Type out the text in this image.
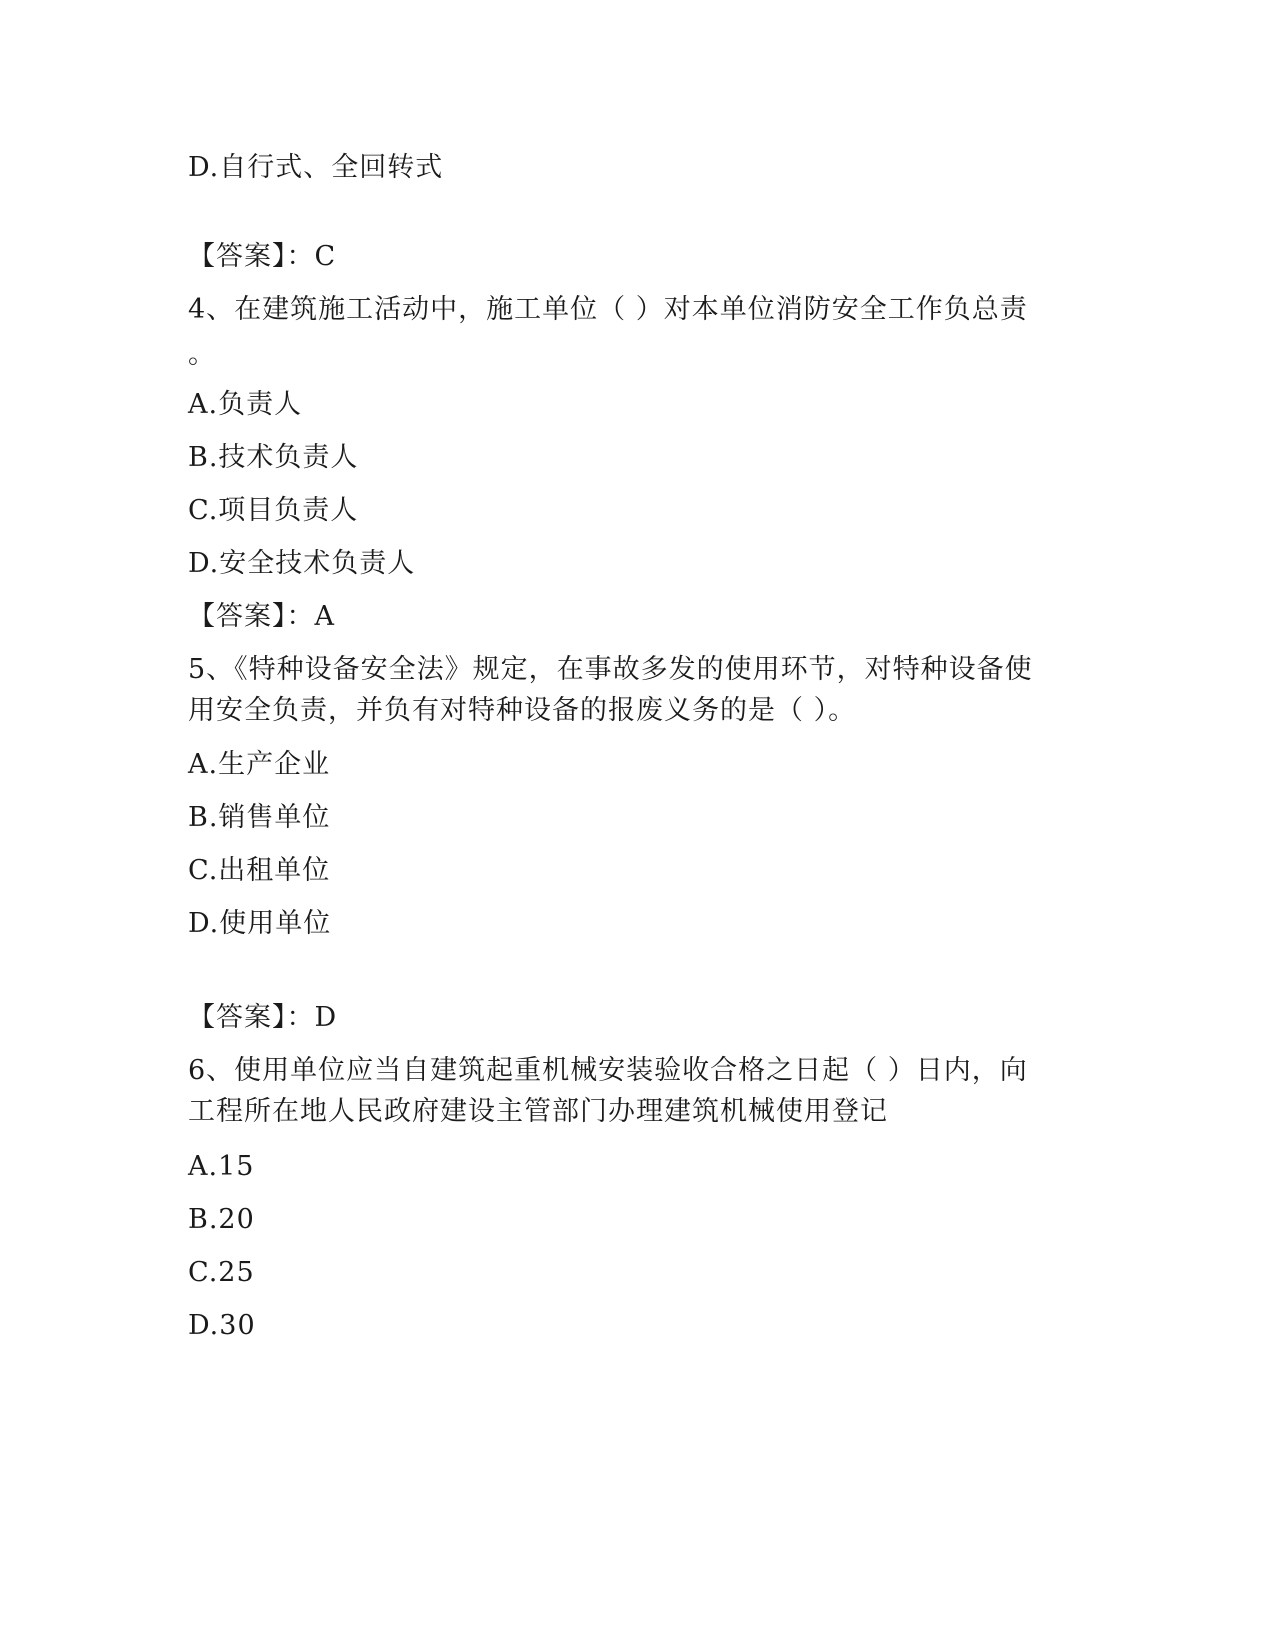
D.自行式、全回转式
【答案】：C
4、在建筑施工活动中，施工单位（ ）对本单位消防安全工作负总责
。
A.负责人
B.技术负责人
C.项目负责人
D.安全技术负责人
【答案】：A
5、《特种设备安全法》规定，在事故多发的使用环节，对特种设备使
用安全负责，并负有对特种设备的报废义务的是（ ）。
A.生产企业
B.销售单位
C.出租单位
D.使用单位
【答案】：D
6、使用单位应当自建筑起重机械安装验收合格之日起（ ）日内，向
工程所在地人民政府建设主管部门办理建筑机械使用登记
A.15
B.20
C.25
D.30
